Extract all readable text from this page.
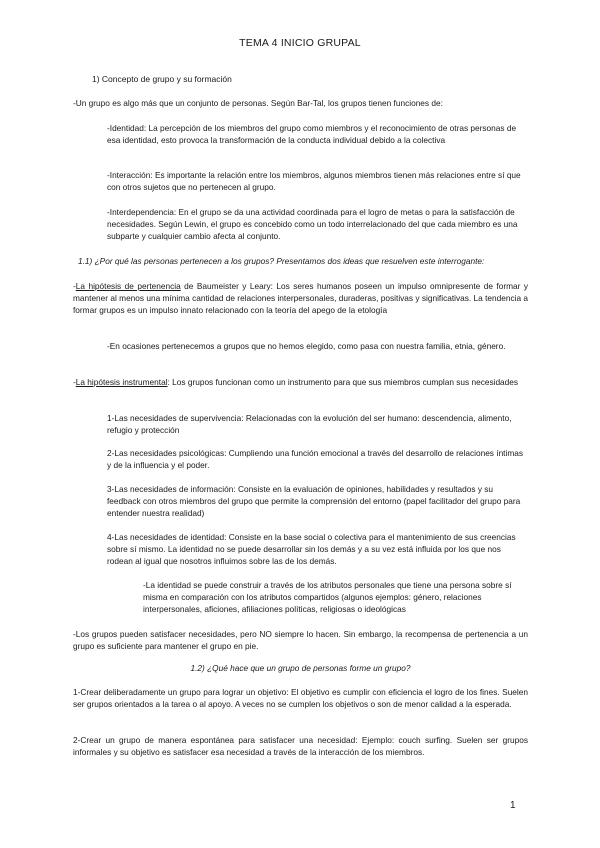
TEMA 4 INICIO GRUPAL

1) Concepto de grupo y su formación

-Un grupo es algo más que un conjunto de personas. Según Bar-Tal, los grupos tienen funciones de:

-Identidad: La percepción de los miembros del grupo como miembros y el reconocimiento de otras personas de esa identidad, esto provoca la transformación de la conducta individual debido a la colectiva

-Interacción: Es importante la relación entre los miembros, algunos miembros tienen más relaciones entre sí que con otros sujetos que no pertenecen al grupo.

-Interdependencia: En el grupo se da una actividad coordinada para el logro de metas o para la satisfacción de necesidades. Según Lewin, el grupo es concebido como un todo interrelacionado del que cada miembro es una subparte y cualquier cambio afecta al conjunto.

1.1) ¿Por qué las personas pertenecen a los grupos? Presentamos dos ideas que resuelven este interrogante:

-La hipótesis de pertenencia de Baumeister y Leary: Los seres humanos poseen un impulso omnipresente de formar y mantener al menos una mínima cantidad de relaciones interpersonales, duraderas, positivas y significativas. La tendencia a formar grupos es un impulso innato relacionado con la teoría del apego de la etología

-En ocasiones pertenecemos a grupos que no hemos elegido, como pasa con nuestra familia, etnia, género.

-La hipótesis instrumental: Los grupos funcionan como un instrumento para que sus miembros cumplan sus necesidades

1-Las necesidades de supervivencia: Relacionadas con la evolución del ser humano: descendencia, alimento, refugio y protección

2-Las necesidades psicológicas: Cumpliendo una función emocional a través del desarrollo de relaciones íntimas y de la influencia y el poder.

3-Las necesidades de información: Consiste en la evaluación de opiniones, habilidades y resultados y su feedback con otros miembros del grupo que permite la comprensión del entorno (papel facilitador del grupo para entender nuestra realidad)

4-Las necesidades de identidad: Consiste en la base social o colectiva para el mantenimiento de sus creencias sobre sí mismo. La identidad no se puede desarrollar sin los demás y a su vez está influida por los que nos rodean al igual que nosotros influimos sobre las de los demás.

-La identidad se puede construir a través de los atributos personales que tiene una persona sobre sí misma en comparación con los atributos compartidos (algunos ejemplos: género, relaciones interpersonales, aficiones, afiliaciones políticas, religiosas o ideológicas

-Los grupos pueden satisfacer necesidades, pero NO siempre lo hacen. Sin embargo, la recompensa de pertenencia a un grupo es suficiente para mantener el grupo en pie.

1.2) ¿Qué hace que un grupo de personas forme un grupo?

1-Crear deliberadamente un grupo para lograr un objetivo: El objetivo es cumplir con eficiencia el logro de los fines. Suelen ser grupos orientados a la tarea o al apoyo. A veces no se cumplen los objetivos o son de menor calidad a la esperada.

2-Crear un grupo de manera espontánea para satisfacer una necesidad: Ejemplo: couch surfing. Suelen ser grupos informales y su objetivo es satisfacer esa necesidad a través de la interacción de los miembros.

1
